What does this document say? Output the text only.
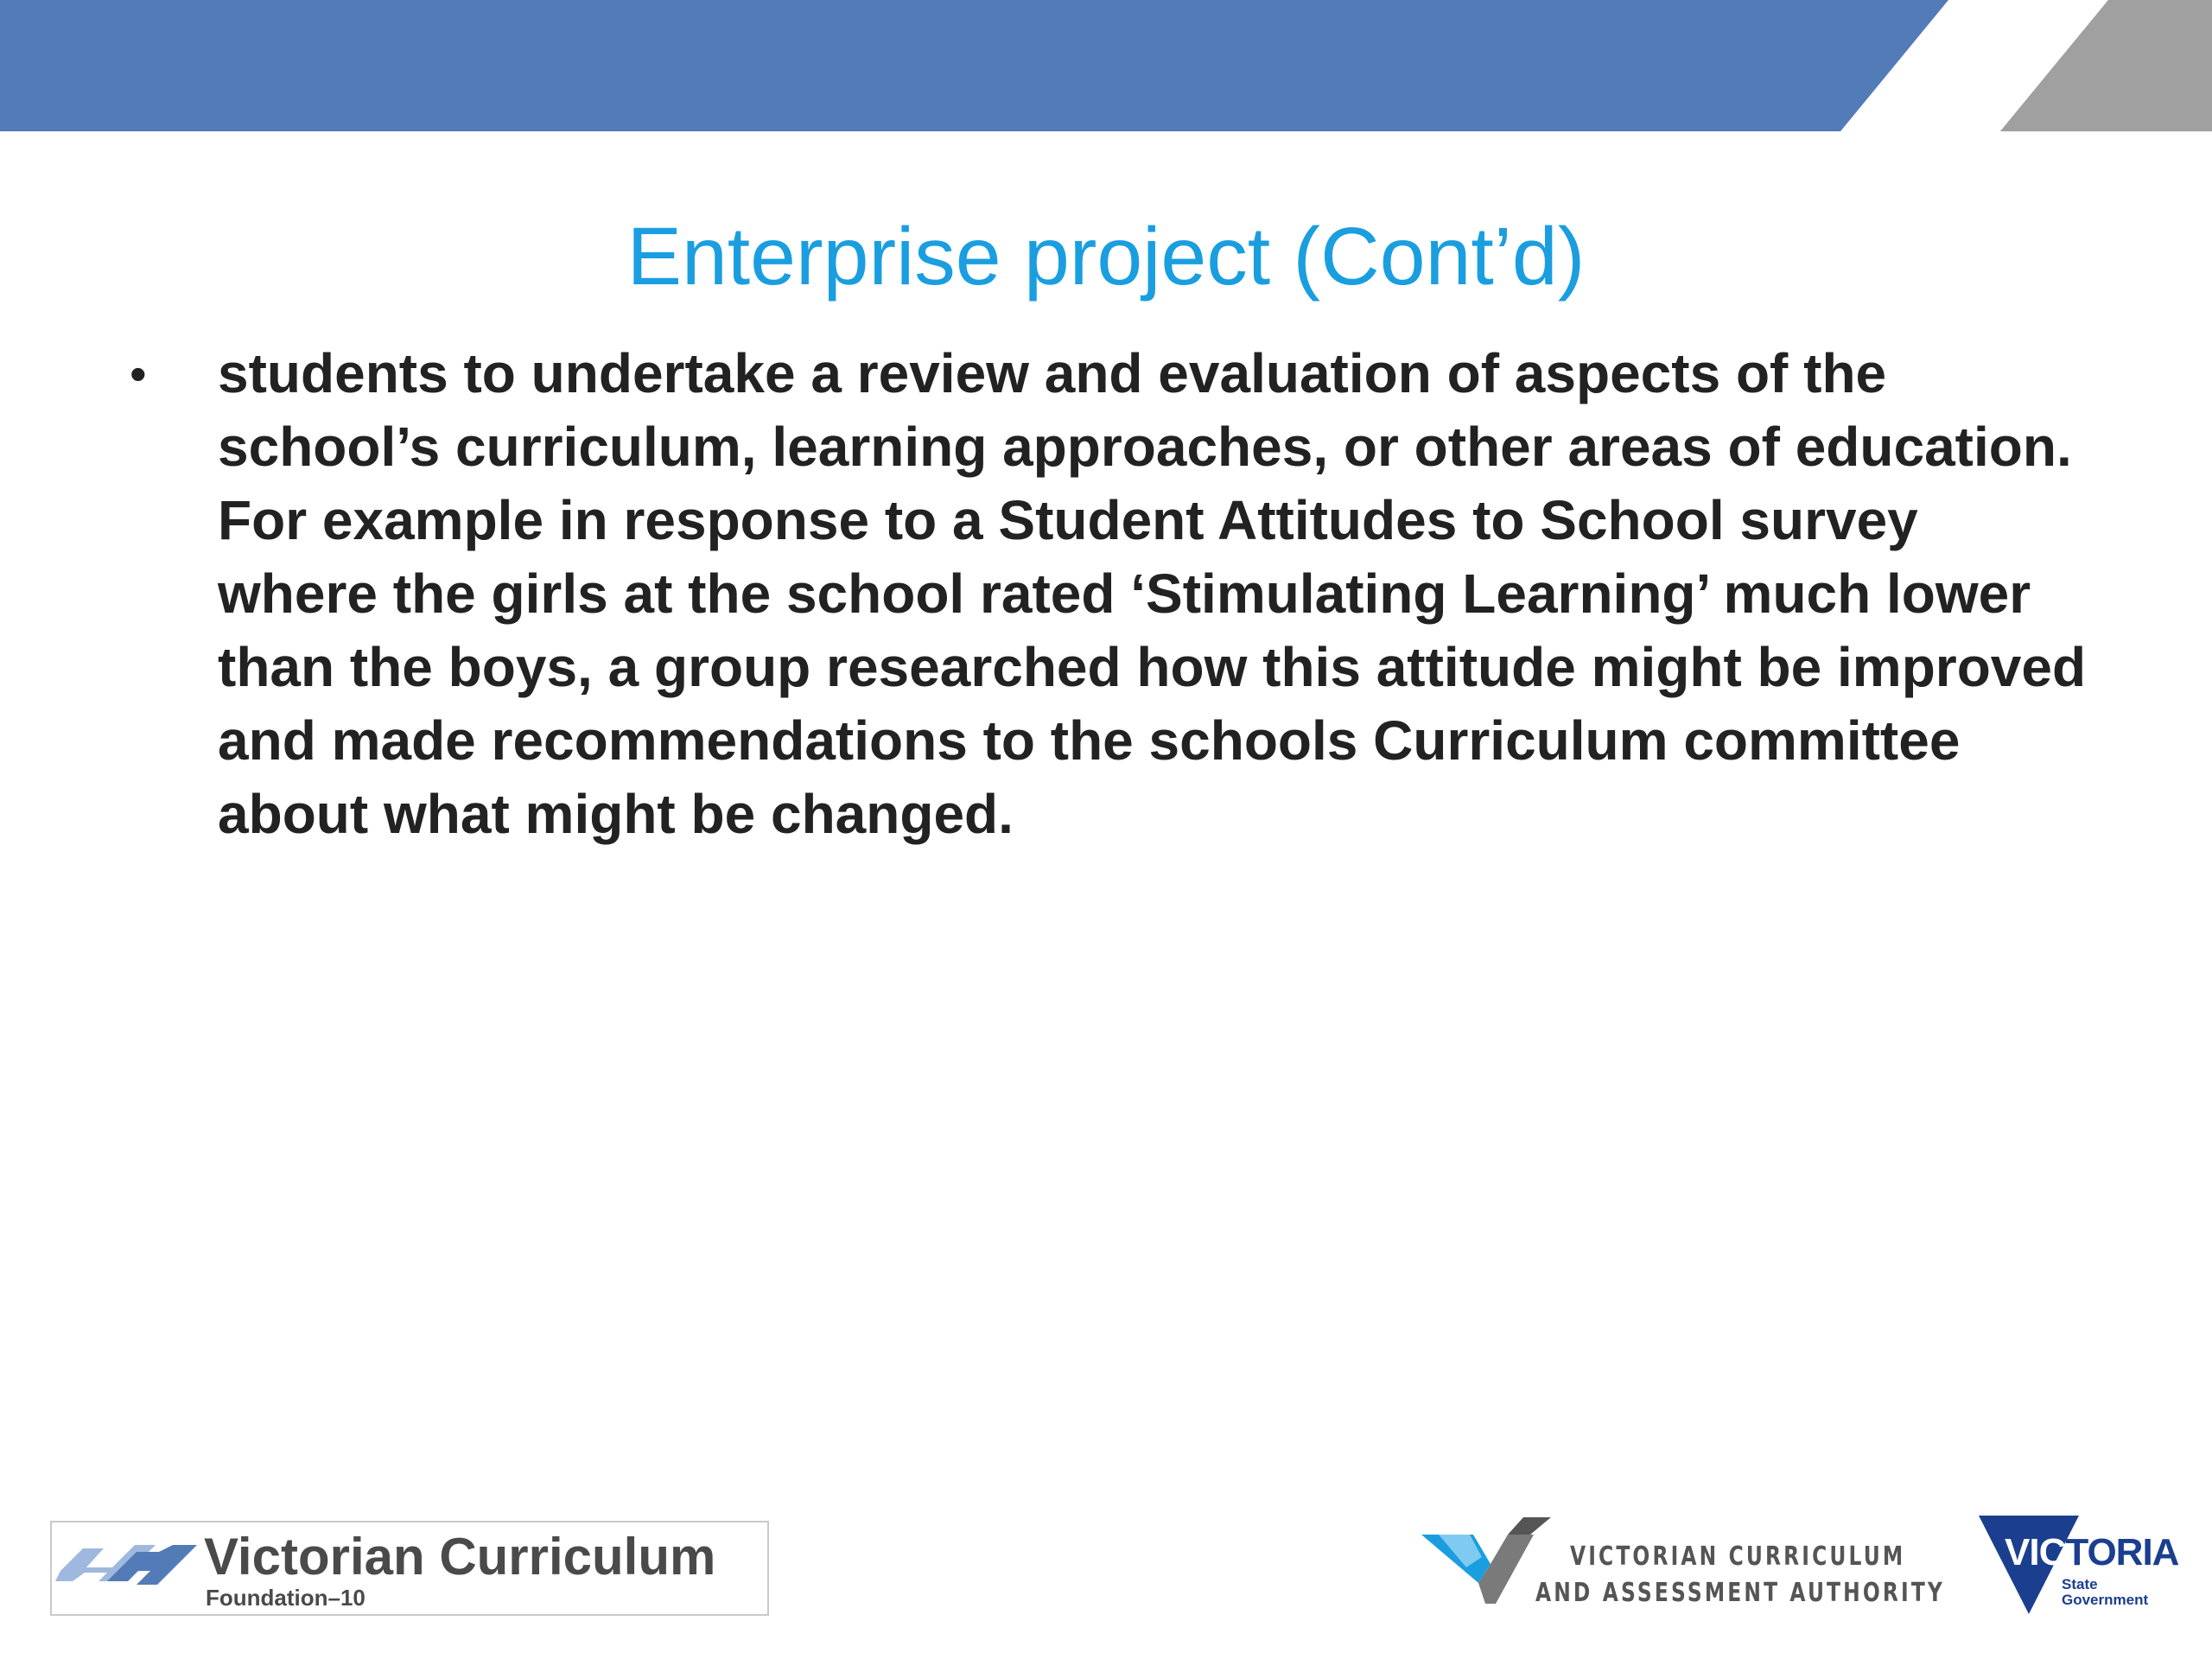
Enterprise project (Cont’d)
• students to undertake a review and evaluation of aspects of the school’s curriculum, learning approaches, or other areas of education. For example in response to a Student Attitudes to School survey where the girls at the school rated ‘Stimulating Learning’ much lower than the boys, a group researched how this attitude might be improved and made recommendations to the schools Curriculum committee about what might be changed.
Victorian Curriculum
Foundation–10
VICTORIAN CURRICULUM
AND ASSESSMENT AUTHORITY
VICTORIA
State
Government
